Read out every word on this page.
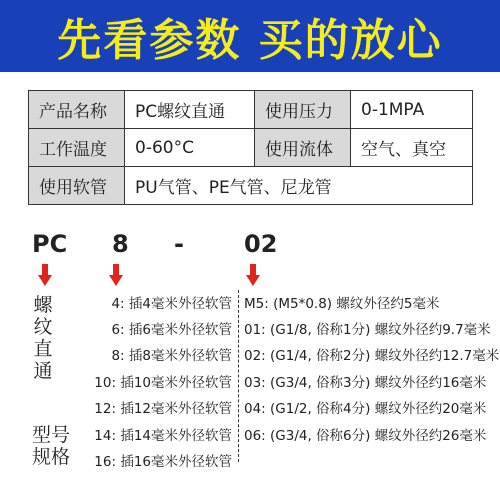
先看参数 买的放心
产品名称	PC螺纹直通	使用压力	0-1MPA
工作温度	0-60°C	使用流体	空气、真空
使用软管	PU气管、PE气管、尼龙管		
PC 8 -	02
螺
纹
直
通
型号
规格
4: 插4毫米外径软管
6: 插6毫米外径软管
8: 插8毫米外径软管
10: 插10毫米外径软管
12: 插12毫米外径软管
14: 插14毫米外径软管
16: 插16毫米外径软管
M5: (M5*0.8) 螺纹外径约5毫米
01: (G1/8, 俗称1分) 螺纹外径约9.7毫米
02: (G1/4, 俗称2分) 螺纹外径约12.7毫米
03: (G3/4, 俗称3分) 螺纹外径约16毫米
04: (G1/2, 俗称4分) 螺纹外径约20毫米
06: (G3/4, 俗称6分) 螺纹外径约26毫米
